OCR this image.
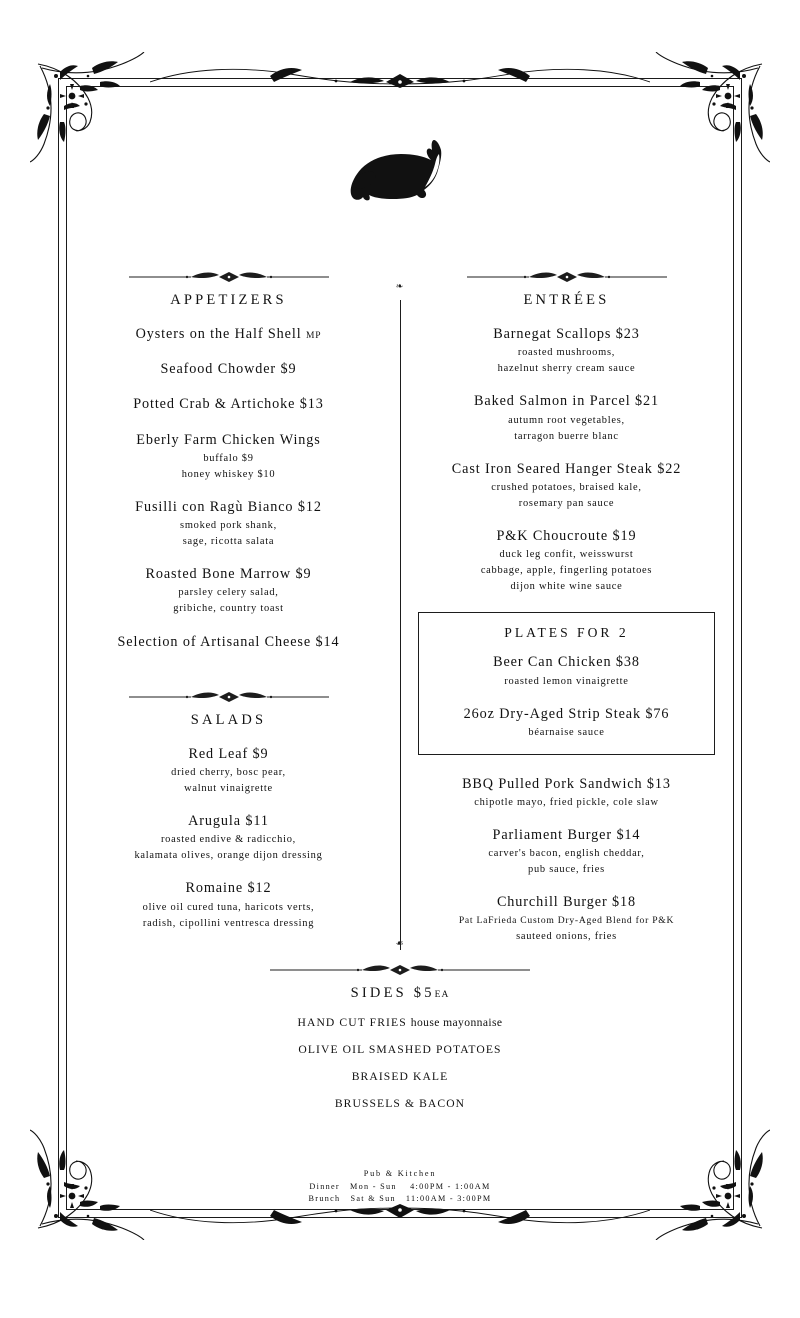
❧
☙
APPETIZERS
Oysters on the Half Shell MP
Seafood Chowder $9
Potted Crab & Artichoke $13
Eberly Farm Chicken Wings
buffalo $9
honey whiskey $10
Fusilli con Ragù Bianco $12
smoked pork shank,
sage, ricotta salata
Roasted Bone Marrow $9
parsley celery salad,
gribiche, country toast
Selection of Artisanal Cheese $14
SALADS
Red Leaf $9
dried cherry, bosc pear,
walnut vinaigrette
Arugula $11
roasted endive & radicchio,
kalamata olives, orange dijon dressing
Romaine $12
olive oil cured tuna, haricots verts,
radish, cipollini ventresca dressing
ENTRÉES
Barnegat Scallops $23
roasted mushrooms,
hazelnut sherry cream sauce
Baked Salmon in Parcel $21
autumn root vegetables,
tarragon buerre blanc
Cast Iron Seared Hanger Steak $22
crushed potatoes, braised kale,
rosemary pan sauce
P&K Choucroute $19
duck leg confit, weisswurst
cabbage, apple, fingerling potatoes
dijon white wine sauce
PLATES FOR 2
Beer Can Chicken $38
roasted lemon vinaigrette
26oz Dry-Aged Strip Steak $76
béarnaise sauce
BBQ Pulled Pork Sandwich $13
chipotle mayo, fried pickle, cole slaw
Parliament Burger $14
carver's bacon, english cheddar,
pub sauce, fries
Churchill Burger $18
Pat LaFrieda Custom Dry-Aged Blend for P&K
sauteed onions, fries
SIDES $5EA
HAND CUT FRIES house mayonnaise
OLIVE OIL SMASHED POTATOES
BRAISED KALE
BRUSSELS & BACON
Pub & Kitchen
Dinner   Mon - Sun    4:00PM - 1:00AM
Brunch   Sat & Sun   11:00AM - 3:00PM
